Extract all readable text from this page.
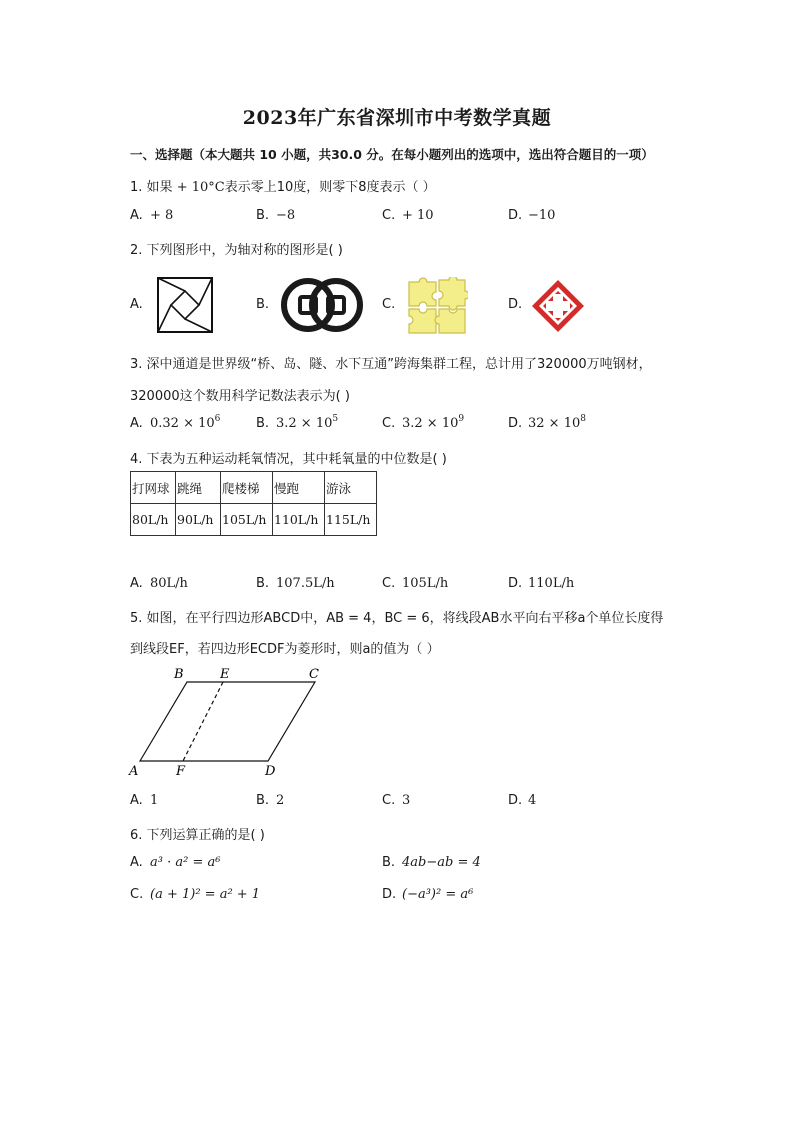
2023年广东省深圳市中考数学真题
一、选择题（本大题共 10 小题，共30.0 分。在每小题列出的选项中，选出符合题目的一项）
1. 如果 + 10°C表示零上10度，则零下8度表示（ ）
A. + 8	B. −8	C. + 10	D. −10
2. 下列图形中，为轴对称的图形是( )
A.	B.	C.	D.
3. 深中通道是世界级“桥、岛、隧、水下互通”跨海集群工程，总计用了320000万吨钢材，
320000这个数用科学记数法表示为( )
A. $0.32 \times 10^6$	B. $3.2 \times 10^5$	C. $3.2 \times 10^9$	D. $32 \times 10^8$
4. 下表为五种运动耗氧情况，其中耗氧量的中位数是( )
打网球	跳绳	爬楼梯	慢跑	游泳
80L/h	90L/h	105L/h	110L/h	115L/h
A. 80L/h	B. 107.5L/h	C. 105L/h	D. 110L/h
5. 如图，在平行四边形ABCD中，AB = 4，BC = 6，将线段AB水平向右平移a个单位长度得
到线段EF，若四边形ECDF为菱形时，则a的值为（ ）
B	E	C
A	F	D
A. 1	B. 2	C. 3	D. 4
6. 下列运算正确的是( )
A. a³ · a² = a⁶	B. 4ab−ab = 4
C. (a + 1)² = a² + 1	D. (−a³)² = a⁶
